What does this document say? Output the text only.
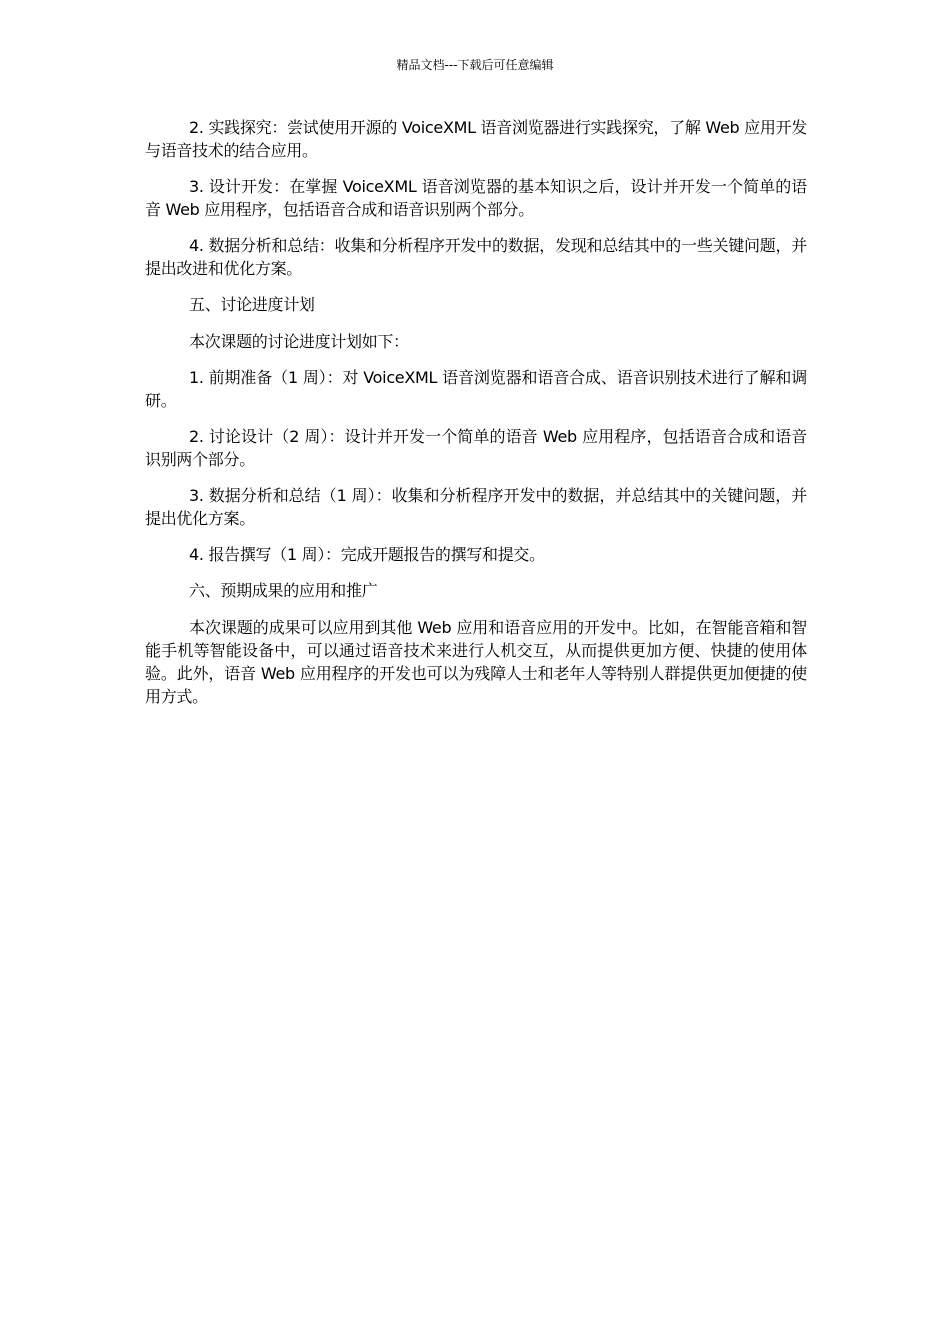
精品文档---下载后可任意编辑

2. 实践探究：尝试使用开源的 VoiceXML 语音浏览器进行实践探究，了解 Web 应用开发与语音技术的结合应用。

3. 设计开发：在掌握 VoiceXML 语音浏览器的基本知识之后，设计并开发一个简单的语音 Web 应用程序，包括语音合成和语音识别两个部分。

4. 数据分析和总结：收集和分析程序开发中的数据，发现和总结其中的一些关键问题，并提出改进和优化方案。

五、讨论进度计划

本次课题的讨论进度计划如下：

1. 前期准备（1 周）：对 VoiceXML 语音浏览器和语音合成、语音识别技术进行了解和调研。

2. 讨论设计（2 周）：设计并开发一个简单的语音 Web 应用程序，包括语音合成和语音识别两个部分。

3. 数据分析和总结（1 周）：收集和分析程序开发中的数据，并总结其中的关键问题，并提出优化方案。

4. 报告撰写（1 周）：完成开题报告的撰写和提交。

六、预期成果的应用和推广

本次课题的成果可以应用到其他 Web 应用和语音应用的开发中。比如，在智能音箱和智能手机等智能设备中，可以通过语音技术来进行人机交互，从而提供更加方便、快捷的使用体验。此外，语音 Web 应用程序的开发也可以为残障人士和老年人等特别人群提供更加便捷的使用方式。
